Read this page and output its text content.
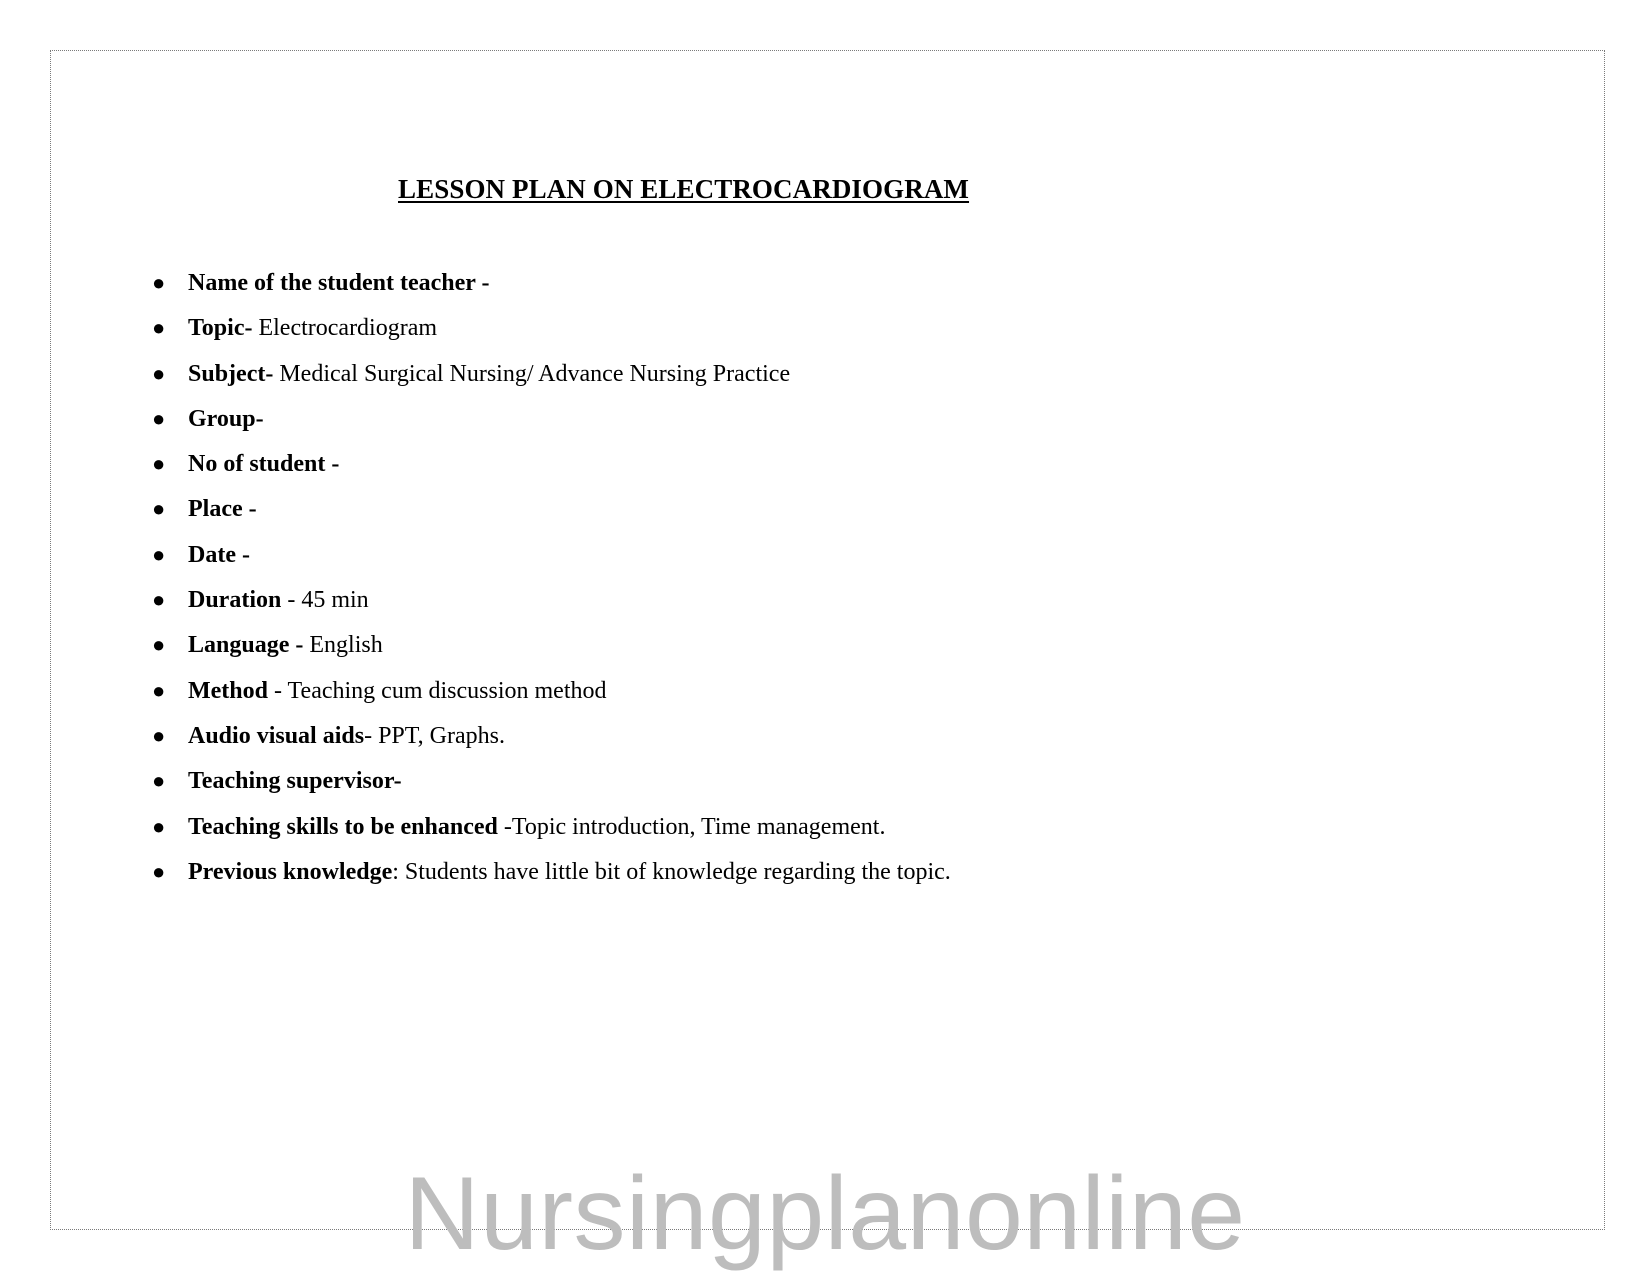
LESSON PLAN ON ELECTROCARDIOGRAM
● Name of the student teacher -
● Topic- Electrocardiogram
● Subject- Medical Surgical Nursing/ Advance Nursing Practice
● Group-
● No of student -
● Place -
● Date -
● Duration - 45 min
● Language - English
● Method - Teaching cum discussion method
● Audio visual aids- PPT, Graphs.
● Teaching supervisor-
● Teaching skills to be enhanced -Topic introduction, Time management.
● Previous knowledge: Students have little bit of knowledge regarding the topic.
Nursingplanonline
